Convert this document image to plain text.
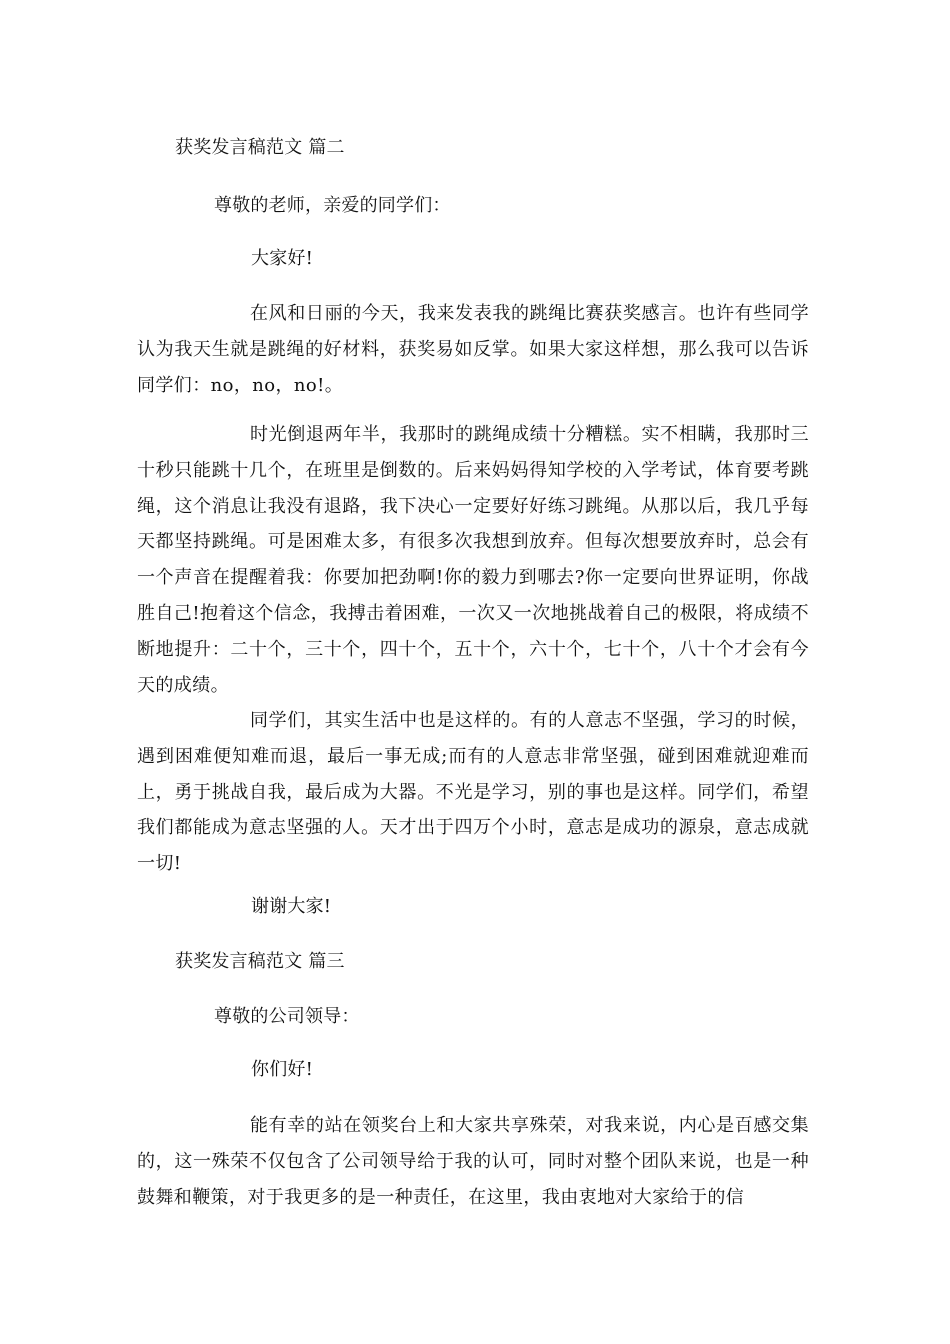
获奖发言稿范文 篇二
尊敬的老师，亲爱的同学们：
大家好!

在风和日丽的今天，我来发表我的跳绳比赛获奖感言。也许有些同学认为我天生就是跳绳的好材料，获奖易如反掌。如果大家这样想，那么我可以告诉同学们：no，no，no!。

时光倒退两年半，我那时的跳绳成绩十分糟糕。实不相瞒，我那时三十秒只能跳十几个，在班里是倒数的。后来妈妈得知学校的入学考试，体育要考跳绳，这个消息让我没有退路，我下决心一定要好好练习跳绳。从那以后，我几乎每天都坚持跳绳。可是困难太多，有很多次我想到放弃。但每次想要放弃时，总会有一个声音在提醒着我：你要加把劲啊!你的毅力到哪去?你一定要向世界证明，你战胜自己!抱着这个信念，我搏击着困难，一次又一次地挑战着自己的极限，将成绩不断地提升：二十个，三十个，四十个，五十个，六十个，七十个，八十个才会有今天的成绩。

同学们，其实生活中也是这样的。有的人意志不坚强，学习的时候，遇到困难便知难而退，最后一事无成;而有的人意志非常坚强，碰到困难就迎难而上，勇于挑战自我，最后成为大器。不光是学习，别的事也是这样。同学们，希望我们都能成为意志坚强的人。天才出于四万个小时，意志是成功的源泉，意志成就一切!

谢谢大家!
获奖发言稿范文 篇三
尊敬的公司领导：
你们好!

能有幸的站在领奖台上和大家共享殊荣，对我来说，内心是百感交集的，这一殊荣不仅包含了公司领导给于我的认可，同时对整个团队来说，也是一种鼓舞和鞭策，对于我更多的是一种责任，在这里，我由衷地对大家给于的信
